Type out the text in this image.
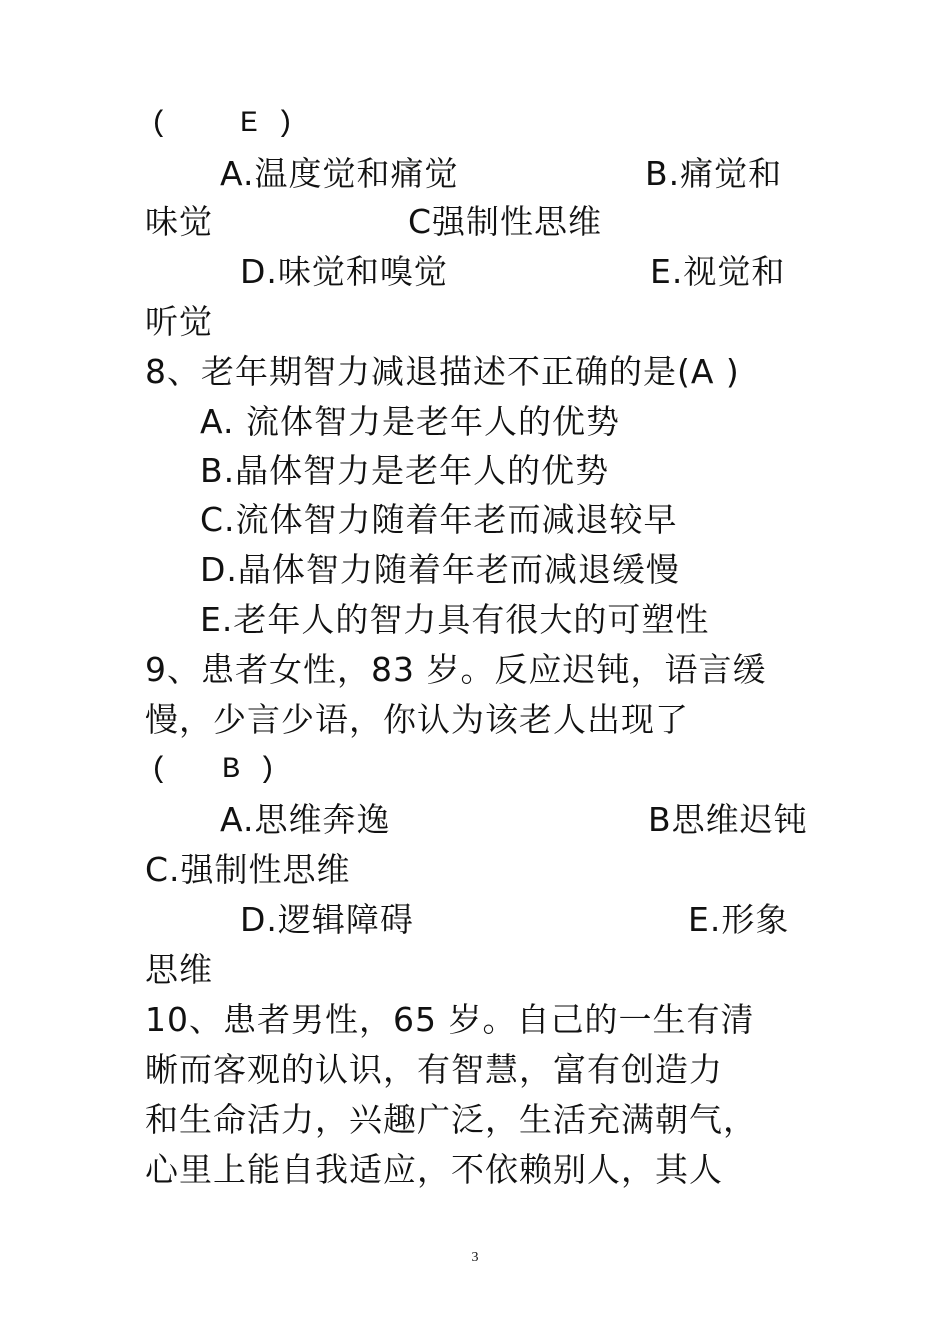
(    E )
A.温度觉和痛觉	B.痛觉和
味觉	C强制性思维
D.味觉和嗅觉	E.视觉和
听觉
8、老年期智力减退描述不正确的是(A )
A. 流体智力是老年人的优势
B.晶体智力是老年人的优势
C.流体智力随着年老而减退较早
D.晶体智力随着年老而减退缓慢
E.老年人的智力具有很大的可塑性
9、患者女性，83 岁。反应迟钝，语言缓
慢，少言少语，你认为该老人出现了
(   B )
A.思维奔逸	B思维迟钝
C.强制性思维
D.逻辑障碍	E.形象
思维
10、患者男性，65 岁。自己的一生有清
晰而客观的认识，有智慧，富有创造力
和生命活力，兴趣广泛，生活充满朝气，
心里上能自我适应，不依赖别人，其人
3
